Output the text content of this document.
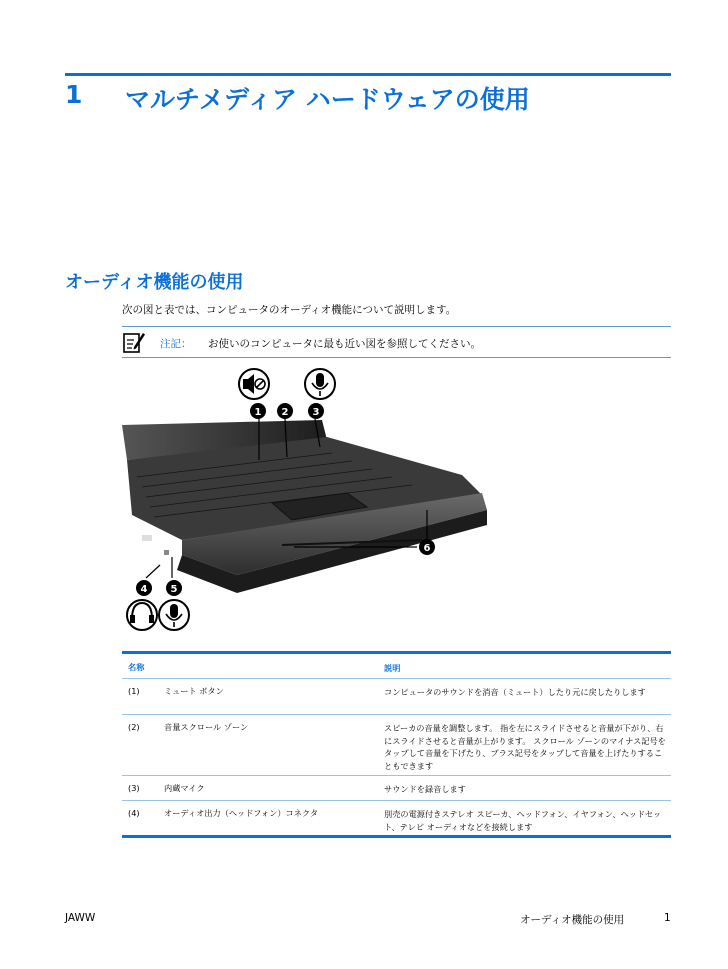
1 マルチメディア ハードウェアの使用
オーディオ機能の使用
次の図と表では、コンピュータのオーディオ機能について説明します。
注記： お使いのコンピュータに最も近い図を参照してください。
1 2 3
4 5
6
名称	説明
(1)	ミュート ボタン	コンピュータのサウンドを消音（ミュート）したり元に戻したりします
(2)	音量スクロール ゾーン	スピーカの音量を調整します。 指を左にスライドさせると音量が下がり、右にスライドさせると音量が上がります。 スクロール ゾーンのマイナス記号をタップして音量を下げたり、プラス記号をタップして音量を上げたりすることもできます
(3)	内蔵マイク	サウンドを録音します
(4)	オーディオ出力（ヘッドフォン）コネクタ	別売の電源付きステレオ スピーカ、ヘッドフォン、イヤフォン、ヘッドセット、テレビ オーディオなどを接続します
JAWW	オーディオ機能の使用	1
